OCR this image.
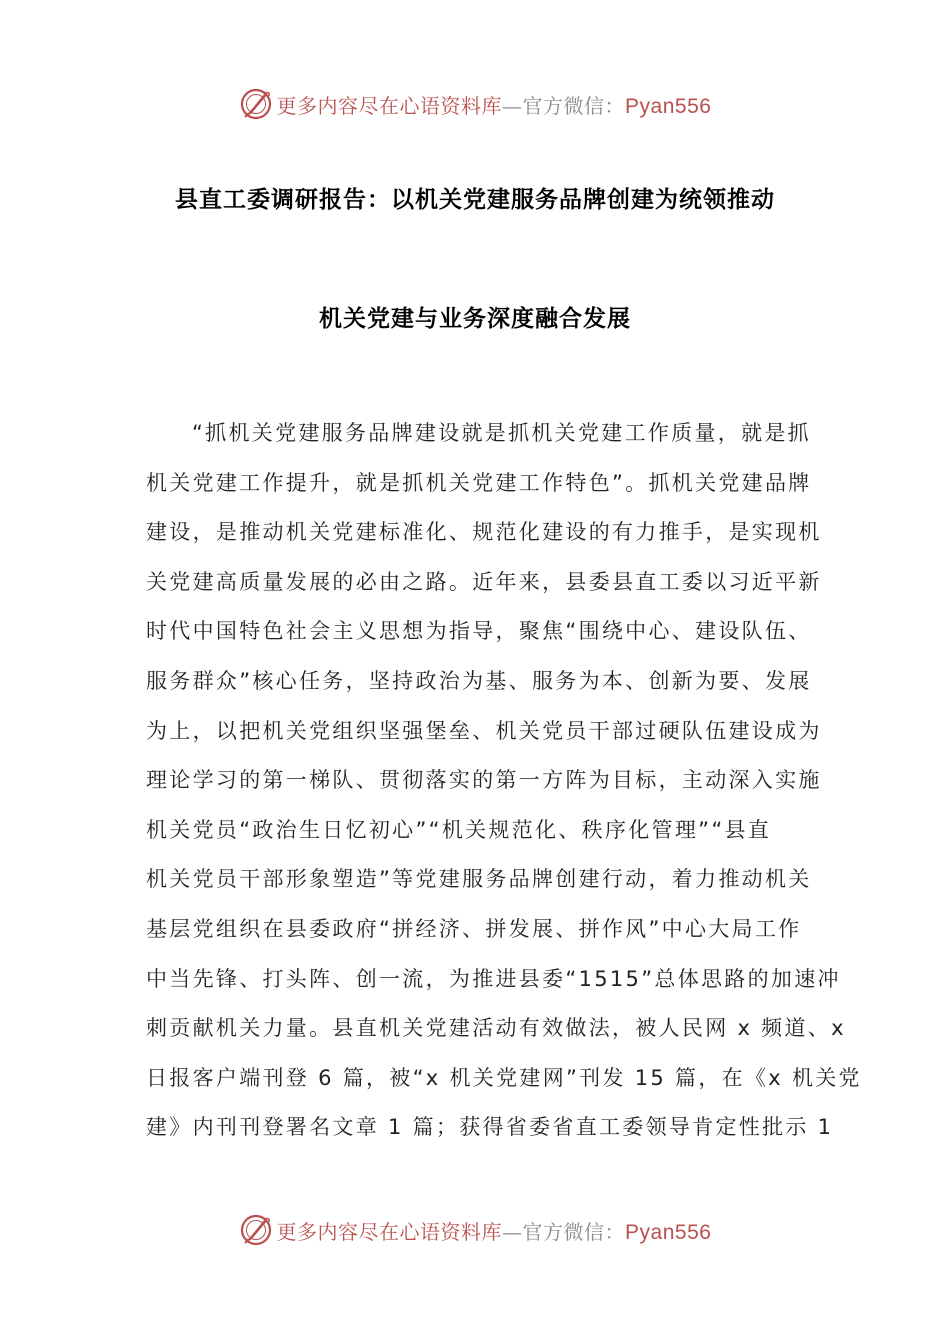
更多内容尽在心语资料库—官方微信：Pyan556
县直工委调研报告：以机关党建服务品牌创建为统领推动
机关党建与业务深度融合发展
“抓机关党建服务品牌建设就是抓机关党建工作质量，就是抓
机关党建工作提升，就是抓机关党建工作特色”。抓机关党建品牌
建设，是推动机关党建标准化、规范化建设的有力推手，是实现机
关党建高质量发展的必由之路。近年来，县委县直工委以习近平新
时代中国特色社会主义思想为指导，聚焦“围绕中心、建设队伍、
服务群众”核心任务，坚持政治为基、服务为本、创新为要、发展
为上，以把机关党组织坚强堡垒、机关党员干部过硬队伍建设成为
理论学习的第一梯队、贯彻落实的第一方阵为目标，主动深入实施
机关党员“政治生日忆初心”“机关规范化、秩序化管理”“县直
机关党员干部形象塑造”等党建服务品牌创建行动，着力推动机关
基层党组织在县委政府“拼经济、拼发展、拼作风”中心大局工作
中当先锋、打头阵、创一流，为推进县委“1515”总体思路的加速冲
刺贡献机关力量。县直机关党建活动有效做法，被人民网 x 频道、x
日报客户端刊登 6 篇，被“x 机关党建网”刊发 15 篇，在《x 机关党
建》内刊刊登署名文章 1 篇；获得省委省直工委领导肯定性批示 1
更多内容尽在心语资料库—官方微信：Pyan556
